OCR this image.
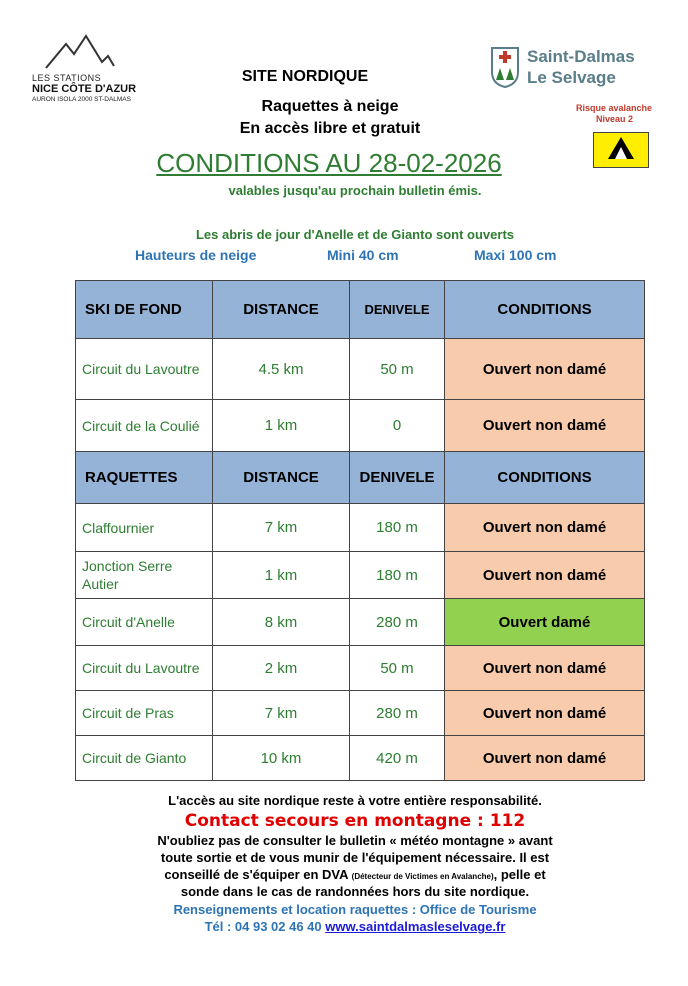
LES STATIONS
NICE CÔTE D'AZUR
AURON ISOLA 2000 ST-DALMAS
Saint-Dalmas
Le Selvage
Risque avalanche
Niveau 2
SITE NORDIQUE
Raquettes à neige
En accès libre et gratuit
CONDITIONS AU 28-02-2026
valables jusqu'au prochain bulletin émis.
Les abris de jour d'Anelle et de Gianto sont ouverts
Hauteurs de neige	Mini 40 cm	Maxi 100 cm
SKI DE FOND	DISTANCE	DENIVELE	CONDITIONS
Circuit du Lavoutre	4.5 km	50 m	Ouvert non damé
Circuit de la Coulié	1 km	0	Ouvert non damé
RAQUETTES	DISTANCE	DENIVELE	CONDITIONS
Claffournier	7 km	180 m	Ouvert non damé
Jonction Serre
Autier	1 km	180 m	Ouvert non damé
Circuit d'Anelle	8 km	280 m	Ouvert damé
Circuit du Lavoutre	2 km	50 m	Ouvert non damé
Circuit de Pras	7 km	280 m	Ouvert non damé
Circuit de Gianto	10 km	420 m	Ouvert non damé
L'accès au site nordique reste à votre entière responsabilité.
Contact secours en montagne : 112
N'oubliez pas de consulter le bulletin « météo montagne » avant
toute sortie et de vous munir de l'équipement nécessaire. Il est
conseillé de s'équiper en DVA (Détecteur de Victimes en Avalanche), pelle et
sonde dans le cas de randonnées hors du site nordique.
Renseignements et location raquettes : Office de Tourisme
Tél : 04 93 02 46 40 www.saintdalmasleselvage.fr
